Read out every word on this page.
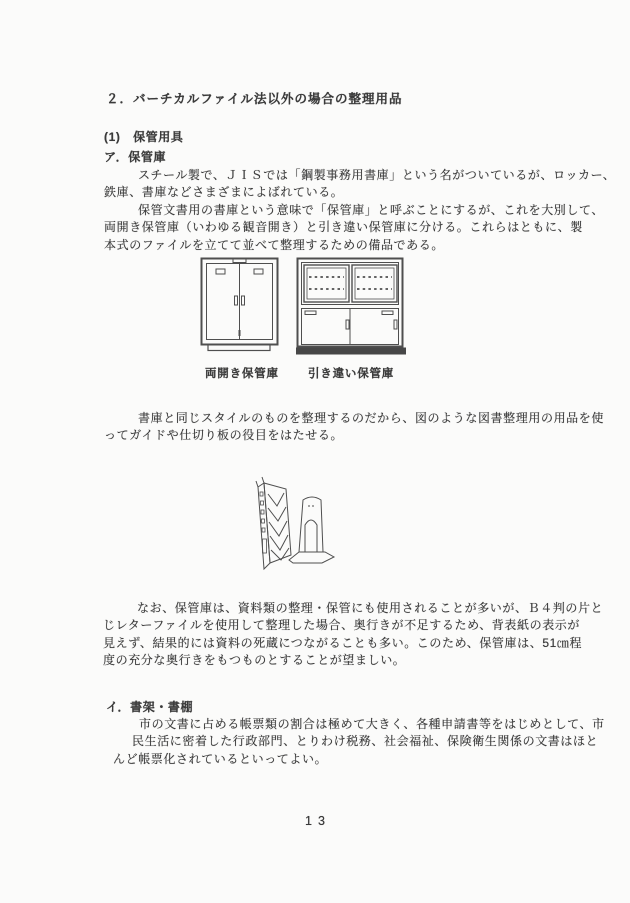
２．バーチカルファイル法以外の場合の整理用品
(1)　保管用具
ア．保管庫
スチール製で、ＪＩＳでは「鋼製事務用書庫」という名がついているが、ロッカー、
鉄庫、書庫などさまざまによばれている。
保管文書用の書庫という意味で「保管庫」と呼ぶことにするが、これを大別して、
両開き保管庫（いわゆる観音開き）と引き違い保管庫に分ける。これらはともに、製
本式のファイルを立てて並べて整理するための備品である。
両開き保管庫	引き違い保管庫
書庫と同じスタイルのものを整理するのだから、図のような図書整理用の用品を使
ってガイドや仕切り板の役目をはたせる。
なお、保管庫は、資料類の整理・保管にも使用されることが多いが、Ｂ４判の片と
じレターファイルを使用して整理した場合、奥行きが不足するため、背表紙の表示が
見えず、結果的には資料の死蔵につながることも多い。このため、保管庫は、51㎝程
度の充分な奥行きをもつものとすることが望ましい。
イ．書架・書棚
市の文書に占める帳票類の割合は極めて大きく、各種申請書等をはじめとして、市
民生活に密着した行政部門、とりわけ税務、社会福祉、保険衛生関係の文書はほと
んど帳票化されているといってよい。
13
